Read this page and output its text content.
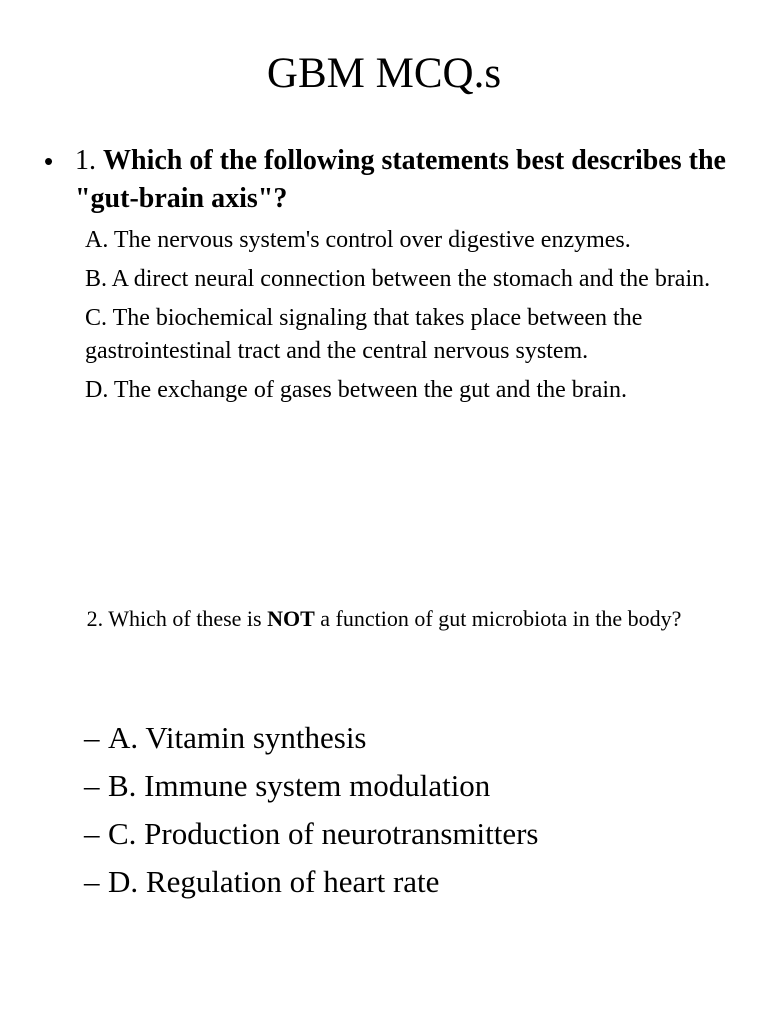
GBM MCQ.s
• 1. Which of the following statements best describes the "gut-brain axis"?
A. The nervous system's control over digestive enzymes.
B. A direct neural connection between the stomach and the brain.
C. The biochemical signaling that takes place between the gastrointestinal tract and the central nervous system.
D. The exchange of gases between the gut and the brain.
2. Which of these is NOT a function of gut microbiota in the body?
– A. Vitamin synthesis
– B. Immune system modulation
– C. Production of neurotransmitters
– D. Regulation of heart rate
